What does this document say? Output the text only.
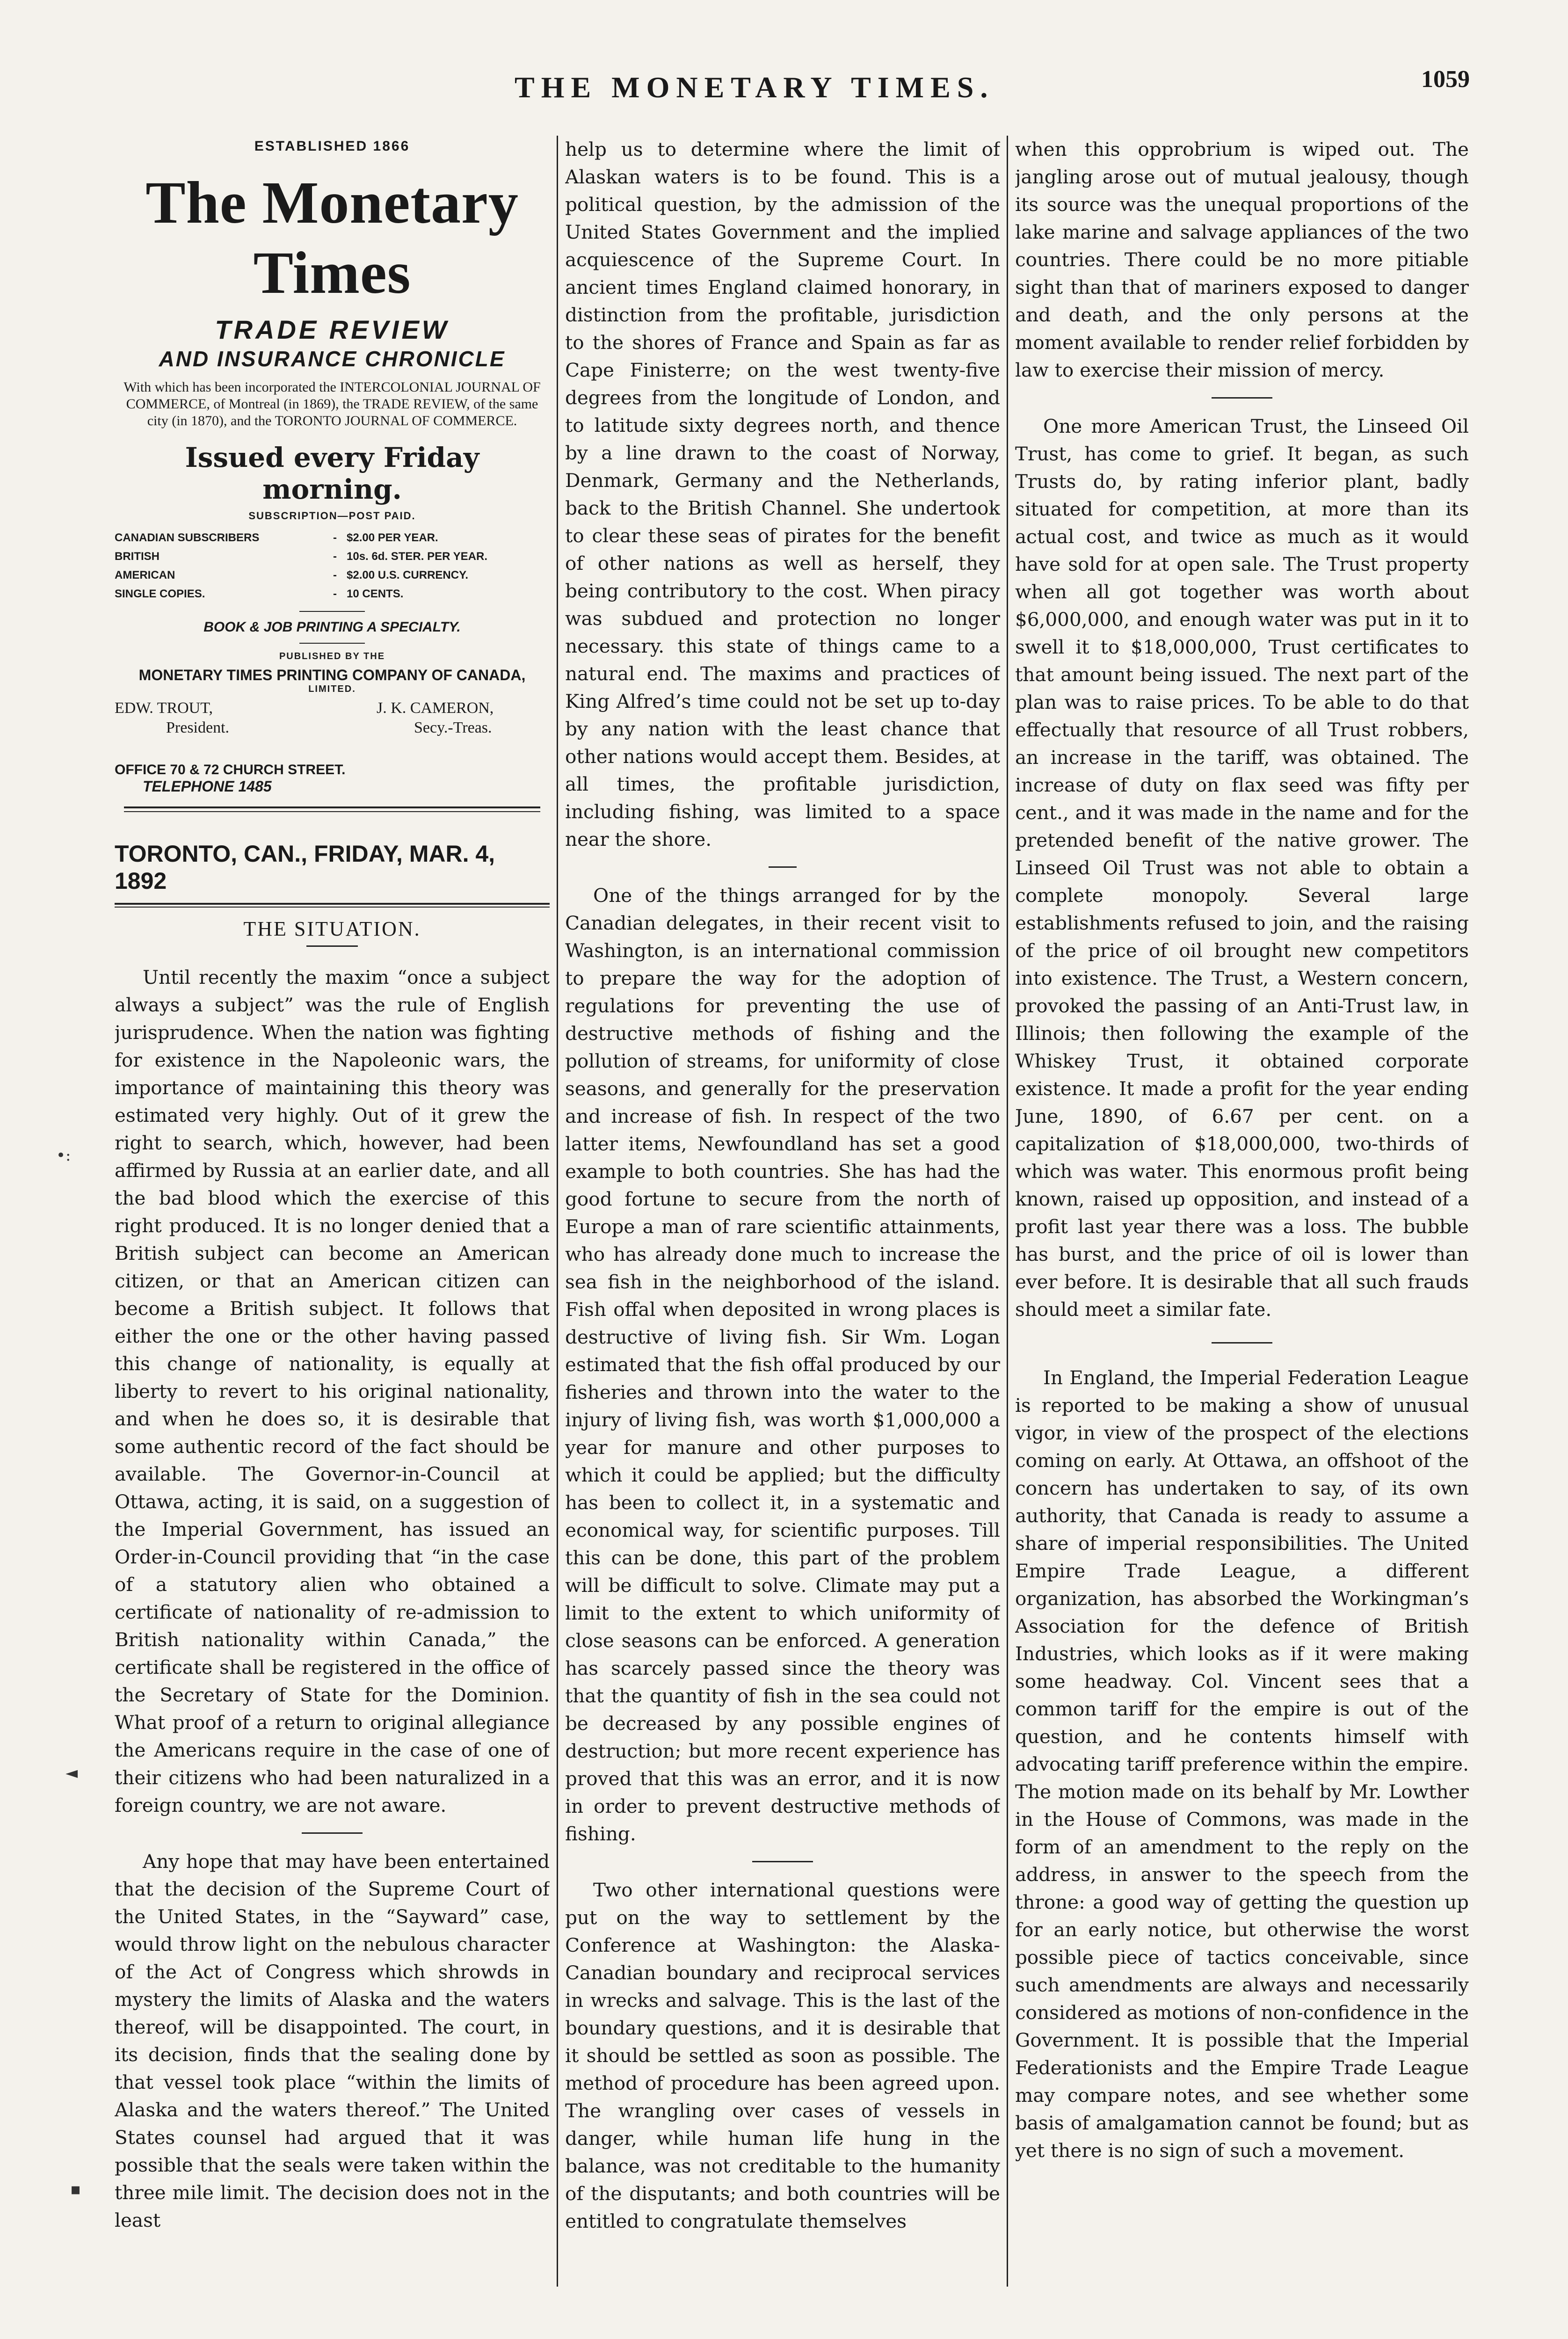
THE MONETARY TIMES.	1059
•:
◄
▪
ESTABLISHED 1866
The Monetary Times
TRADE REVIEW
AND INSURANCE CHRONICLE
With which has been incorporated the INTERCOLONIAL JOURNAL OF COMMERCE, of Montreal (in 1869), the TRADE REVIEW, of the same city (in 1870), and the TORONTO JOURNAL OF COMMERCE.
Issued every Friday morning.
SUBSCRIPTION—POST PAID.
CANADIAN SUBSCRIBERS	-	$2.00 PER YEAR.
BRITISH	-	10s. 6d. STER. PER YEAR.
AMERICAN	-	$2.00 U.S. CURRENCY.
SINGLE COPIES.	-	10 CENTS.
BOOK & JOB PRINTING A SPECIALTY.
PUBLISHED BY THE
MONETARY TIMES PRINTING COMPANY OF CANADA,
LIMITED.
EDW. TROUT,
President.
J. K. CAMERON,
Secy.-Treas.
OFFICE 70 & 72 CHURCH STREET.
TELEPHONE 1485
TORONTO, CAN., FRIDAY, MAR. 4, 1892
THE SITUATION.

Until recently the maxim “once a subject always a subject” was the rule of English jurisprudence. When the nation was fighting for existence in the Napoleonic wars, the importance of maintaining this theory was estimated very highly. Out of it grew the right to search, which, however, had been affirmed by Russia at an earlier date, and all the bad blood which the exercise of this right produced. It is no longer denied that a British subject can become an American citizen, or that an American citizen can become a British subject. It follows that either the one or the other having passed this change of nationality, is equally at liberty to revert to his original nationality, and when he does so, it is desirable that some authentic record of the fact should be available. The Governor-in-Council at Ottawa, acting, it is said, on a suggestion of the Imperial Government, has issued an Order-in-Council providing that “in the case of a statutory alien who obtained a certificate of nationality of re-admission to British nationality within Canada,” the certificate shall be registered in the office of the Secretary of State for the Dominion. What proof of a return to original allegiance the Americans require in the case of one of their citizens who had been naturalized in a foreign country, we are not aware.

Any hope that may have been entertained that the decision of the Supreme Court of the United States, in the “Sayward” case, would throw light on the nebulous character of the Act of Congress which shrowds in mystery the limits of Alaska and the waters thereof, will be disappointed. The court, in its decision, finds that the sealing done by that vessel took place “within the limits of Alaska and the waters thereof.” The United States counsel had argued that it was possible that the seals were taken within the three mile limit. The decision does not in the least

help us to determine where the limit of Alaskan waters is to be found. This is a political question, by the admission of the United States Government and the implied acquiescence of the Supreme Court. In ancient times England claimed honorary, in distinction from the profitable, jurisdiction to the shores of France and Spain as far as Cape Finisterre; on the west twenty-five degrees from the longitude of London, and to latitude sixty degrees north, and thence by a line drawn to the coast of Norway, Denmark, Germany and the Netherlands, back to the British Channel. She undertook to clear these seas of pirates for the benefit of other nations as well as herself, they being contributory to the cost. When piracy was subdued and protection no longer necessary. this state of things came to a natural end. The maxims and practices of King Alfred’s time could not be set up to-day by any nation with the least chance that other nations would accept them. Besides, at all times, the profitable jurisdiction, including fishing, was limited to a space near the shore.

One of the things arranged for by the Canadian delegates, in their recent visit to Washington, is an international commission to prepare the way for the adoption of regulations for preventing the use of destructive methods of fishing and the pollution of streams, for uniformity of close seasons, and generally for the preservation and increase of fish. In respect of the two latter items, Newfoundland has set a good example to both countries. She has had the good fortune to secure from the north of Europe a man of rare scientific attainments, who has already done much to increase the sea fish in the neighborhood of the island. Fish offal when deposited in wrong places is destructive of living fish. Sir Wm. Logan estimated that the fish offal produced by our fisheries and thrown into the water to the injury of living fish, was worth $1,000,000 a year for manure and other purposes to which it could be applied; but the difficulty has been to collect it, in a systematic and economical way, for scientific purposes. Till this can be done, this part of the problem will be difficult to solve. Climate may put a limit to the extent to which uniformity of close seasons can be enforced. A generation has scarcely passed since the theory was that the quantity of fish in the sea could not be decreased by any possible engines of destruction; but more recent experience has proved that this was an error, and it is now in order to prevent destructive methods of fishing.

Two other international questions were put on the way to settlement by the Conference at Washington: the Alaska-Canadian boundary and reciprocal services in wrecks and salvage. This is the last of the boundary questions, and it is desirable that it should be settled as soon as possible. The method of procedure has been agreed upon. The wrangling over cases of vessels in danger, while human life hung in the balance, was not creditable to the humanity of the disputants; and both countries will be entitled to congratulate themselves

when this opprobrium is wiped out. The jangling arose out of mutual jealousy, though its source was the unequal proportions of the lake marine and salvage appliances of the two countries. There could be no more pitiable sight than that of mariners exposed to danger and death, and the only persons at the moment available to render relief forbidden by law to exercise their mission of mercy.

One more American Trust, the Linseed Oil Trust, has come to grief. It began, as such Trusts do, by rating inferior plant, badly situated for competition, at more than its actual cost, and twice as much as it would have sold for at open sale. The Trust property when all got together was worth about $6,000,000, and enough water was put in it to swell it to $18,000,000, Trust certificates to that amount being issued. The next part of the plan was to raise prices. To be able to do that effectually that resource of all Trust robbers, an increase in the tariff, was obtained. The increase of duty on flax seed was fifty per cent., and it was made in the name and for the pretended benefit of the native grower. The Linseed Oil Trust was not able to obtain a complete monopoly. Several large establishments refused to join, and the raising of the price of oil brought new competitors into existence. The Trust, a Western concern, provoked the passing of an Anti-Trust law, in Illinois; then following the example of the Whiskey Trust, it obtained corporate existence. It made a profit for the year ending June, 1890, of 6.67 per cent. on a capitalization of $18,000,000, two-thirds of which was water. This enormous profit being known, raised up opposition, and instead of a profit last year there was a loss. The bubble has burst, and the price of oil is lower than ever before. It is desirable that all such frauds should meet a similar fate.

In England, the Imperial Federation League is reported to be making a show of unusual vigor, in view of the prospect of the elections coming on early. At Ottawa, an offshoot of the concern has undertaken to say, of its own authority, that Canada is ready to assume a share of imperial responsibilities. The United Empire Trade League, a different organization, has absorbed the Workingman’s Association for the defence of British Industries, which looks as if it were making some headway. Col. Vincent sees that a common tariff for the empire is out of the question, and he contents himself with advocating tariff preference within the empire. The motion made on its behalf by Mr. Lowther in the House of Commons, was made in the form of an amendment to the reply on the address, in answer to the speech from the throne: a good way of getting the question up for an early notice, but otherwise the worst possible piece of tactics conceivable, since such amendments are always and necessarily considered as motions of non-confidence in the Government. It is possible that the Imperial Federationists and the Empire Trade League may compare notes, and see whether some basis of amalgamation cannot be found; but as yet there is no sign of such a movement.
